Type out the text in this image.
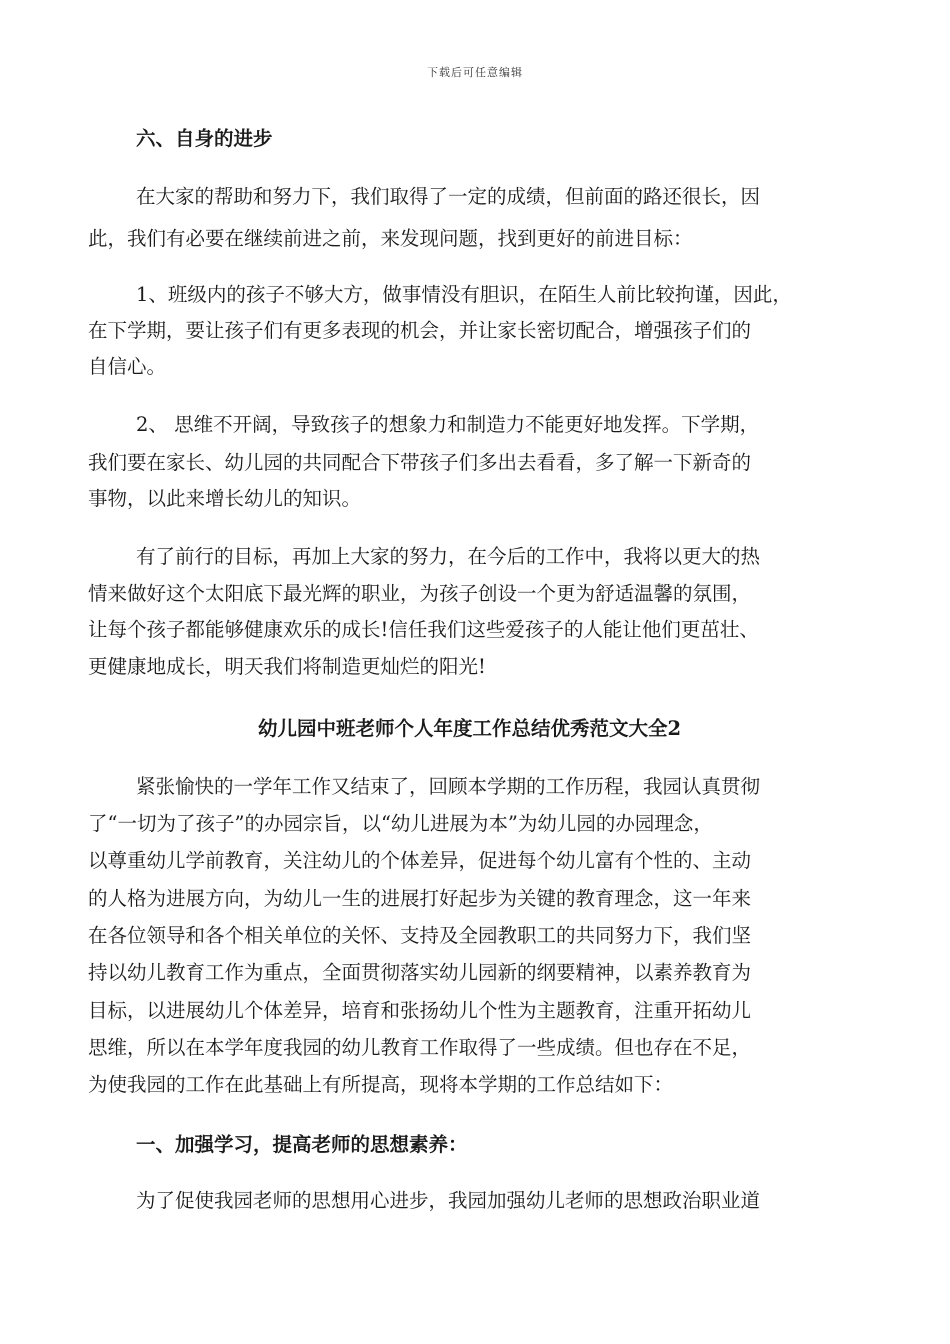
下载后可任意编辑
六、自身的进步
在大家的帮助和努力下，我们取得了一定的成绩，但前面的路还很长，因
此，我们有必要在继续前进之前，来发现问题，找到更好的前进目标：
1、班级内的孩子不够大方，做事情没有胆识，在陌生人前比较拘谨，因此，
在下学期，要让孩子们有更多表现的机会，并让家长密切配合，增强孩子们的
自信心。
2、 思维不开阔，导致孩子的想象力和制造力不能更好地发挥。下学期，
我们要在家长、幼儿园的共同配合下带孩子们多出去看看，多了解一下新奇的
事物，以此来增长幼儿的知识。
有了前行的目标，再加上大家的努力，在今后的工作中，我将以更大的热
情来做好这个太阳底下最光辉的职业，为孩子创设一个更为舒适温馨的氛围，
让每个孩子都能够健康欢乐的成长!信任我们这些爱孩子的人能让他们更茁壮、
更健康地成长，明天我们将制造更灿烂的阳光!
幼儿园中班老师个人年度工作总结优秀范文大全2
紧张愉快的一学年工作又结束了，回顾本学期的工作历程，我园认真贯彻
了“一切为了孩子”的办园宗旨，以“幼儿进展为本”为幼儿园的办园理念，
以尊重幼儿学前教育，关注幼儿的个体差异，促进每个幼儿富有个性的、主动
的人格为进展方向，为幼儿一生的进展打好起步为关键的教育理念，这一年来
在各位领导和各个相关单位的关怀、支持及全园教职工的共同努力下，我们坚
持以幼儿教育工作为重点，全面贯彻落实幼儿园新的纲要精神，以素养教育为
目标，以进展幼儿个体差异，培育和张扬幼儿个性为主题教育，注重开拓幼儿
思维，所以在本学年度我园的幼儿教育工作取得了一些成绩。但也存在不足，
为使我园的工作在此基础上有所提高，现将本学期的工作总结如下：
一、加强学习，提高老师的思想素养：
为了促使我园老师的思想用心进步，我园加强幼儿老师的思想政治职业道
